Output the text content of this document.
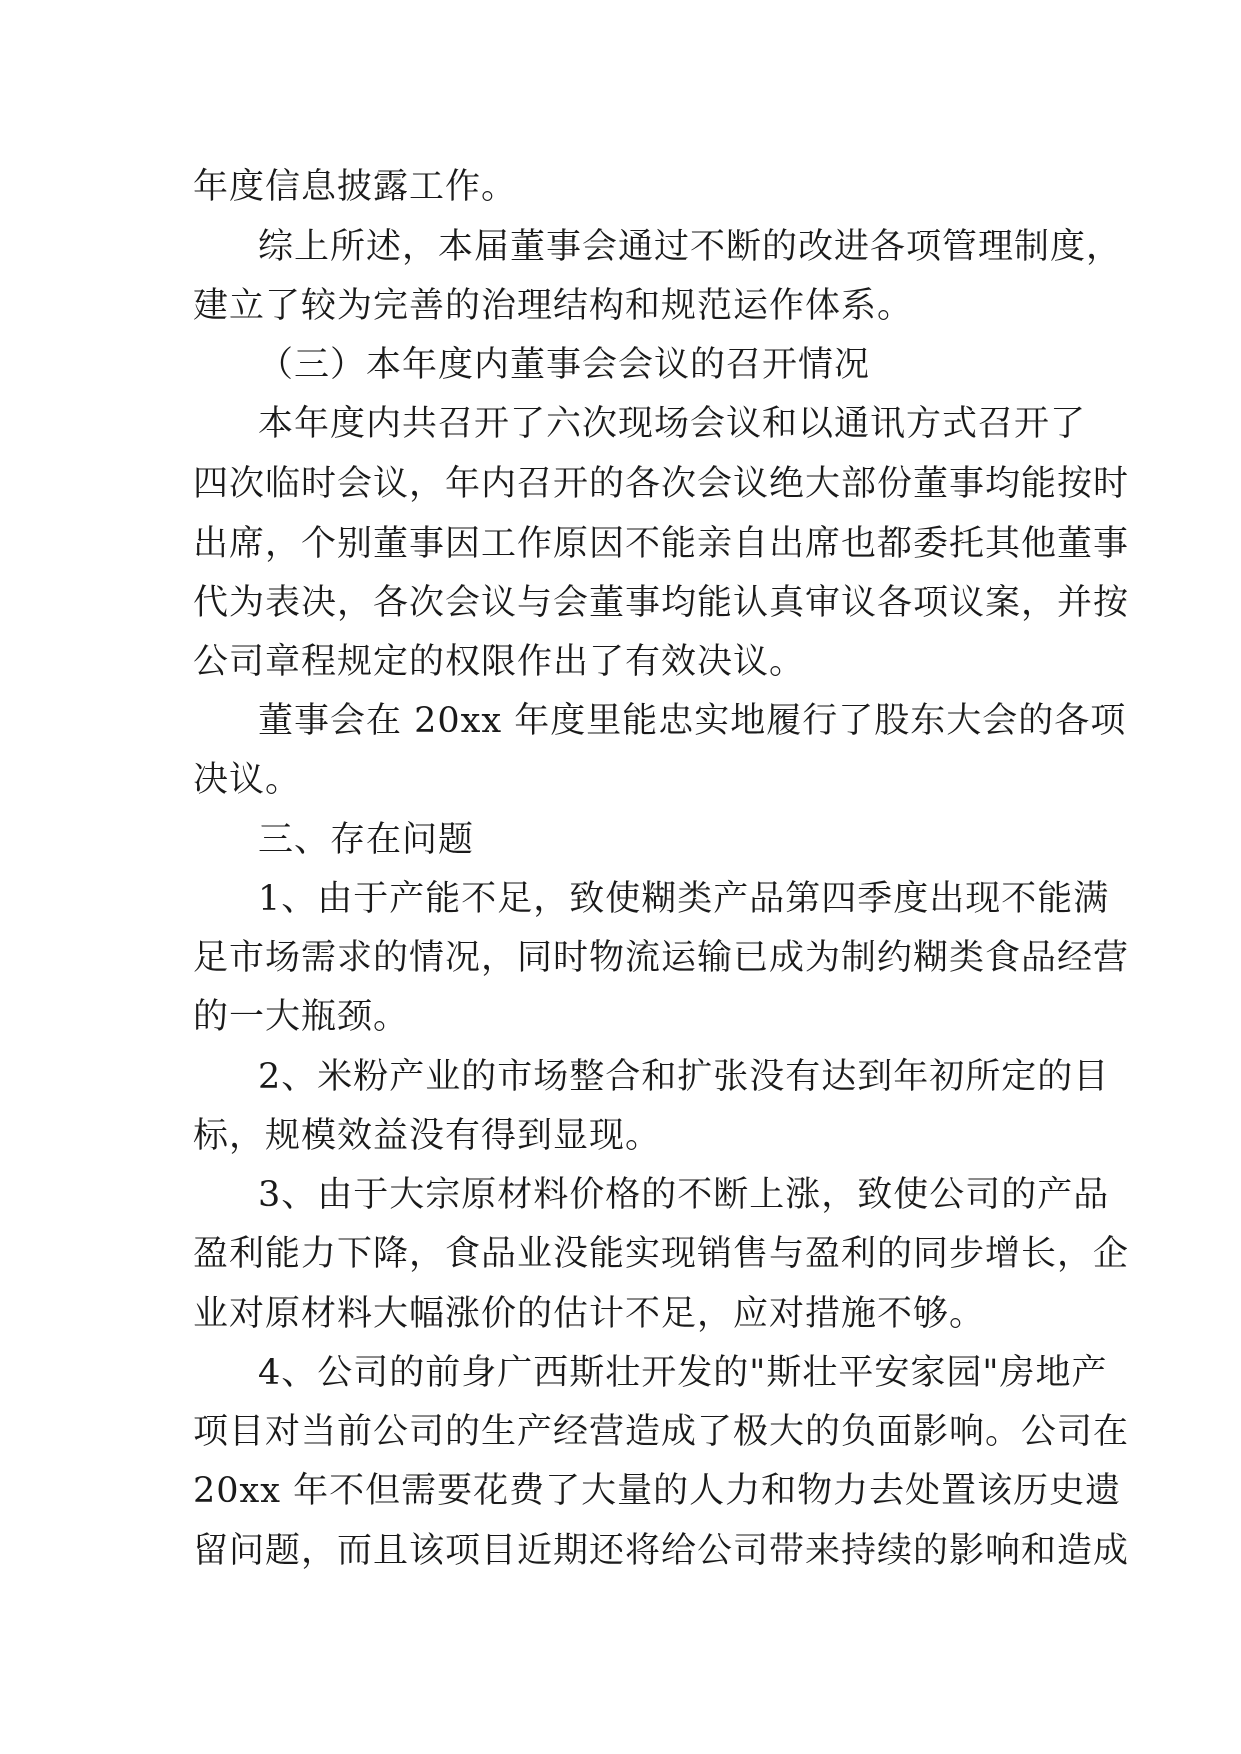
年度信息披露工作。
综上所述，本届董事会通过不断的改进各项管理制度，
建立了较为完善的治理结构和规范运作体系。
（三）本年度内董事会会议的召开情况
本年度内共召开了六次现场会议和以通讯方式召开了
四次临时会议，年内召开的各次会议绝大部份董事均能按时
出席，个别董事因工作原因不能亲自出席也都委托其他董事
代为表决，各次会议与会董事均能认真审议各项议案，并按
公司章程规定的权限作出了有效决议。
董事会在 20xx 年度里能忠实地履行了股东大会的各项
决议。
三、存在问题
1、由于产能不足，致使糊类产品第四季度出现不能满
足市场需求的情况，同时物流运输已成为制约糊类食品经营
的一大瓶颈。
2、米粉产业的市场整合和扩张没有达到年初所定的目
标，规模效益没有得到显现。
3、由于大宗原材料价格的不断上涨，致使公司的产品
盈利能力下降，食品业没能实现销售与盈利的同步增长，企
业对原材料大幅涨价的估计不足，应对措施不够。
4、公司的前身广西斯壮开发的"斯壮平安家园"房地产
项目对当前公司的生产经营造成了极大的负面影响。公司在
20xx 年不但需要花费了大量的人力和物力去处置该历史遗
留问题，而且该项目近期还将给公司带来持续的影响和造成
